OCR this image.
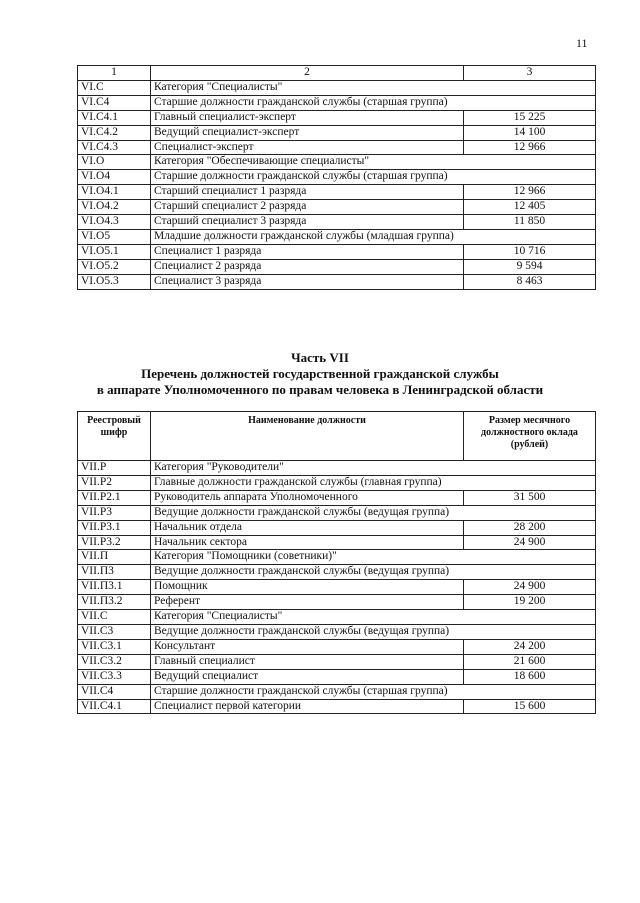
11
1	2	3
VI.C	Категория "Специалисты"	
VI.C4	Старшие должности гражданской службы (старшая группа)	
VI.C4.1	Главный специалист-эксперт	15 225
VI.C4.2	Ведущий специалист-эксперт	14 100
VI.C4.3	Специалист-эксперт	12 966
VI.O	Категория "Обеспечивающие специалисты"	
VI.O4	Старшие должности гражданской службы (старшая группа)	
VI.O4.1	Старший специалист 1 разряда	12 966
VI.O4.2	Старший специалист 2 разряда	12 405
VI.O4.3	Старший специалист 3 разряда	11 850
VI.O5	Младшие должности гражданской службы (младшая группа)	
VI.O5.1	Специалист 1 разряда	10 716
VI.O5.2	Специалист 2 разряда	9 594
VI.O5.3	Специалист 3 разряда	8 463
Часть VII
Перечень должностей государственной гражданской службы
в аппарате Уполномоченного по правам человека в Ленинградской области
Реестровый шифр	Наименование должности	Размер месячного должностного оклада (рублей)
VII.P	Категория "Руководители"	
VII.P2	Главные должности гражданской службы (главная группа)	
VII.P2.1	Руководитель аппарата Уполномоченного	31 500
VII.P3	Ведущие должности гражданской службы (ведущая группа)	
VII.P3.1	Начальник отдела	28 200
VII.P3.2	Начальник сектора	24 900
VII.П	Категория "Помощники (советники)"	
VII.П3	Ведущие должности гражданской службы (ведущая группа)	
VII.П3.1	Помощник	24 900
VII.П3.2	Референт	19 200
VII.C	Категория "Специалисты"	
VII.C3	Ведущие должности гражданской службы (ведущая группа)	
VII.C3.1	Консультант	24 200
VII.C3.2	Главный специалист	21 600
VII.C3.3	Ведущий специалист	18 600
VII.C4	Старшие должности гражданской службы (старшая группа)	
VII.C4.1	Специалист первой категории	15 600
